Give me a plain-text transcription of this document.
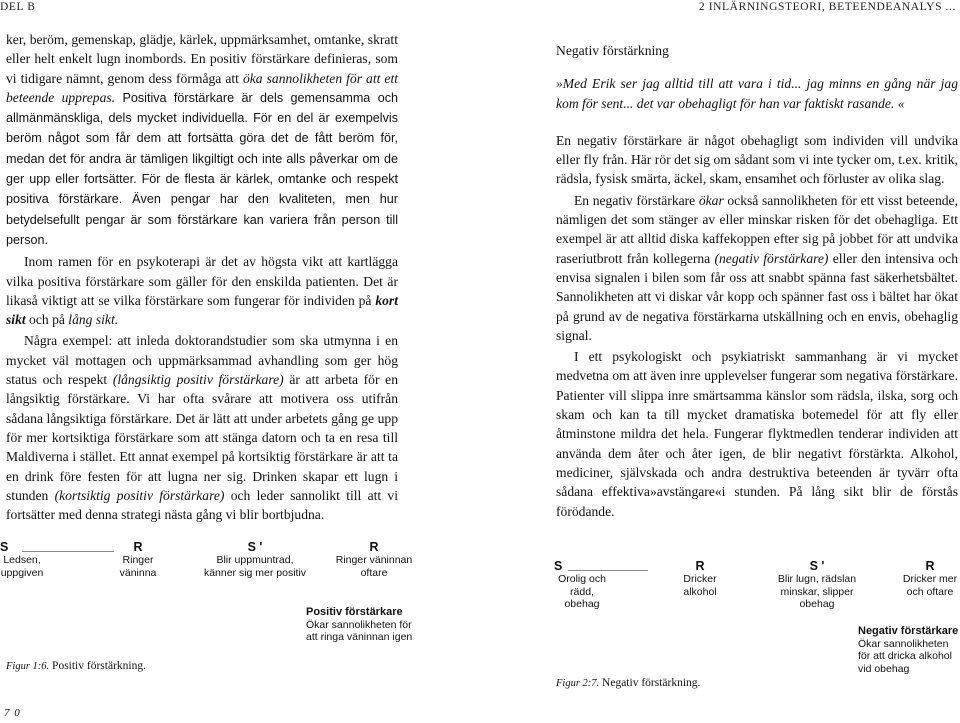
DEL B	2 INLÄRNINGSTEORI, BETEENDEANALYS ...

ker, beröm, gemenskap, glädje, kärlek, uppmärksamhet, omtanke, skratt eller helt enkelt lugn inombords. En positiv förstärkare definieras, som vi tidigare nämnt, genom dess förmåga att öka sannolikheten för att ett beteende upprepas. Positiva förstärkare är dels gemensamma och allmänmänskliga, dels mycket individuella. För en del är exempelvis beröm något som får dem att fortsätta göra det de fått beröm för, medan det för andra är tämligen likgiltigt och inte alls påverkar om de ger upp eller fortsätter. För de flesta är kärlek, omtanke och respekt positiva förstärkare. Även pengar har den kvaliteten, men hur betydelsefullt pengar är som förstärkare kan variera från person till person.

Inom ramen för en psykoterapi är det av högsta vikt att kartlägga vilka positiva förstärkare som gäller för den enskilda patienten. Det är likaså viktigt att se vilka förstärkare som fungerar för individen på kort sikt och på lång sikt.

Några exempel: att inleda doktorandstudier som ska utmynna i en mycket väl mottagen och uppmärksammad avhandling som ger hög status och respekt (långsiktig positiv förstärkare) är att arbeta för en långsiktig förstärkare. Vi har ofta svårare att motivera oss utifrån sådana långsiktiga förstärkare. Det är lätt att under arbetets gång ge upp för mer kortsiktiga förstärkare som att stänga datorn och ta en resa till Maldiverna i stället. Ett annat exempel på kortsiktig förstärkare är att ta en drink före festen för att lugna ner sig. Drinken skapar ett lugn i stunden (kortsiktig positiv förstärkare) och leder sannolikt till att vi fortsätter med denna strategi nästa gång vi blir bortbjudna.

Negativ förstärkning

»Med Erik ser jag alltid till att vara i tid... jag minns en gång när jag kom för sent... det var obehagligt för han var faktiskt rasande. «

En negativ förstärkare är något obehagligt som individen vill undvika eller fly från. Här rör det sig om sådant som vi inte tycker om, t.ex. kritik, rädsla, fysisk smärta, äckel, skam, ensamhet och förluster av olika slag.

En negativ förstärkare ökar också sannolikheten för ett visst beteende, nämligen det som stänger av eller minskar risken för det obehagliga. Ett exempel är att alltid diska kaffekoppen efter sig på jobbet för att undvika raseriutbrott från kollegerna (negativ förstärkare) eller den intensiva och envisa signalen i bilen som får oss att snabbt spänna fast säkerhetsbältet. Sannolikheten att vi diskar vår kopp och spänner fast oss i bältet har ökat på grund av de negativa förstärkarna utskällning och en envis, obehaglig signal.

I ett psykologiskt och psykiatriskt sammanhang är vi mycket medvetna om att även inre upplevelser fungerar som negativa förstärkare. Patienter vill slippa inre smärtsamma känslor som rädsla, ilska, sorg och skam och kan ta till mycket dramatiska botemedel för att fly eller åtminstone mildra det hela. Fungerar flyktmedlen tenderar individen att använda dem åter och åter igen, de blir negativt förstärkta. Alkohol, mediciner, självskada och andra destruktiva beteenden är tyvärr ofta sådana effektiva»avstängare«i stunden. På lång sikt blir de förstås förödande.

S
Ledsen, uppgiven
R
Ringer väninna
S '
Blir uppmuntrad, känner sig mer positiv
R
Ringer väninnan oftare
Positiv förstärkare
Ökar sannolikheten för att ringa väninnan igen
Figur 1:6. Positiv förstärkning.
S
Orolig och rädd, obehag
R
Dricker alkohol
S '
Blir lugn, rädslan minskar, slipper obehag
R
Dricker mer och oftare
Negativ förstärkare
Ökar sannolikheten för att dricka alkohol vid obehag
Figur 2:7. Negativ förstärkning.
7 0
